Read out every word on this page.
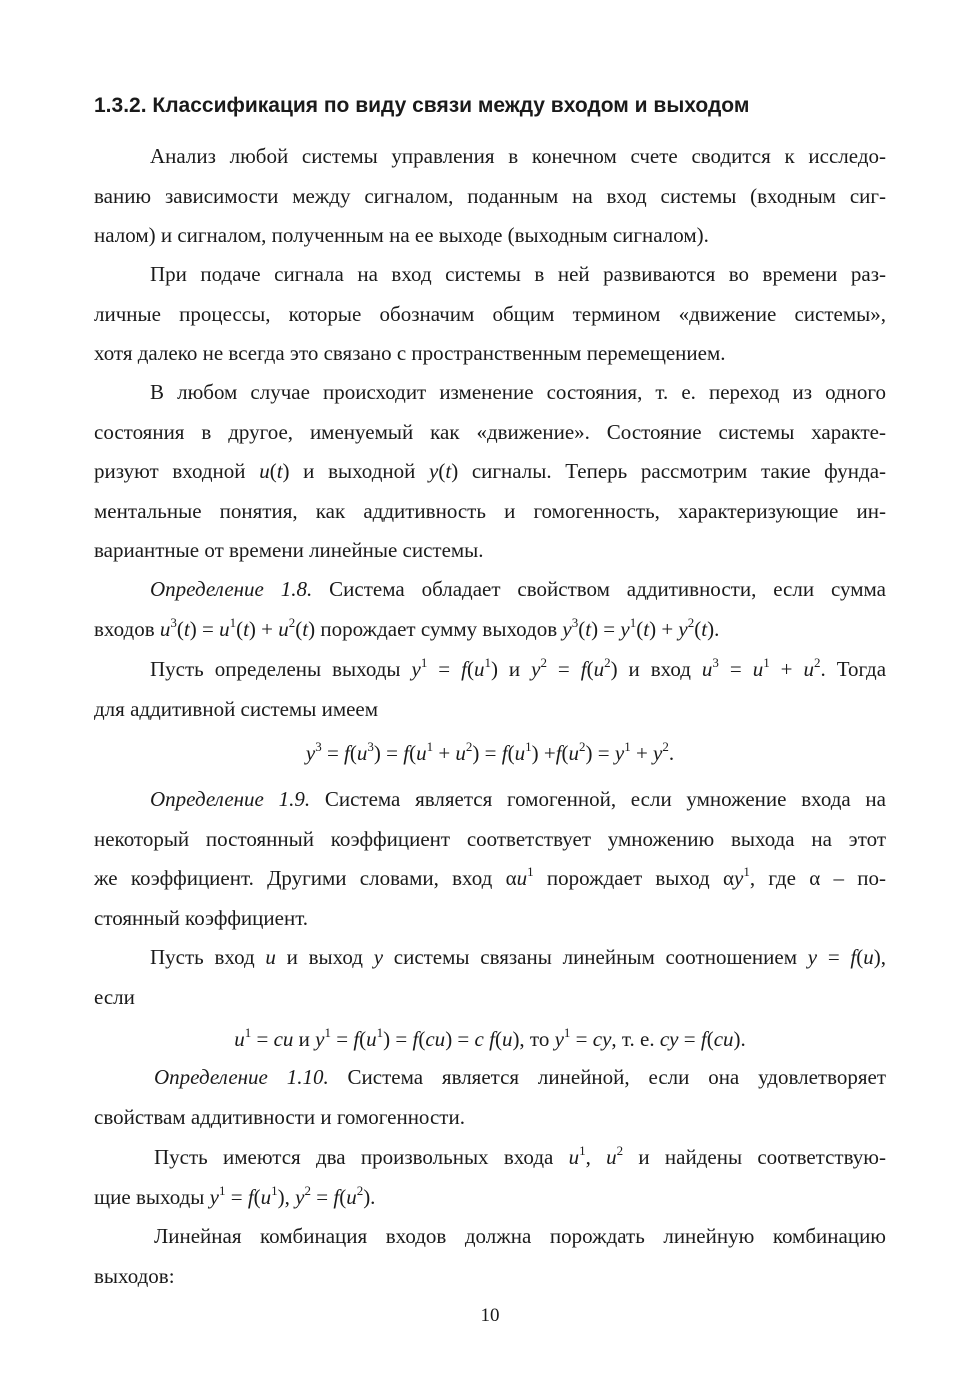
1.3.2. Классификация по виду связи между входом и выходом
Анализ любой системы управления в конечном счете сводится к исследо-
ванию зависимости между сигналом, поданным на вход системы (входным сиг-
налом) и сигналом, полученным на ее выходе (выходным сигналом).
При подаче сигнала на вход системы в ней развиваются во времени раз-
личные процессы, которые обозначим общим термином «движение системы»,
хотя далеко не всегда это связано с пространственным перемещением.
В любом случае происходит изменение состояния, т. е. переход из одного
состояния в другое, именуемый как «движение». Состояние системы характе-
ризуют входной u(t) и выходной y(t) сигналы. Теперь рассмотрим такие фунда-
ментальные понятия, как аддитивность и гомогенность, характеризующие ин-
вариантные от времени линейные системы.
Определение 1.8. Система обладает свойством аддитивности, если сумма
входов $u^3(t) = u^1(t) + u^2(t)$ порождает сумму выходов $y^3(t) = y^1(t) + y^2(t)$.
Пусть определены выходы $y^1 = f(u^1)$ и $y^2 = f(u^2)$ и вход $u^3 = u^1 + u^2$. Тогда
для аддитивной системы имеем
$y^3 = f(u^3) = f(u^1 + u^2) = f(u^1) +f(u^2) = y^1 + y^2$.
Определение 1.9. Система является гомогенной, если умножение входа на
некоторый постоянный коэффициент соответствует умножению выхода на этот
же коэффициент. Другими словами, вход $\alpha u^1$ порождает выход $\alpha y^1$, где α – по-
стоянный коэффициент.
Пусть вход u и выход y системы связаны линейным соотношением y = f(u),
если
$u^1$ = cu и $y^1 = f(u^1) = f(cu) = c$ f(u), то $y^1$ = cy, т. е. cy = f(cu).
Определение 1.10. Система является линейной, если она удовлетворяет
свойствам аддитивности и гомогенности.
Пусть имеются два произвольных входа $u^1$, $u^2$ и найдены соответствую-
щие выходы $y^1 = f(u^1)$, $y^2 = f(u^2)$.
Линейная комбинация входов должна порождать линейную комбинацию
выходов:
10
